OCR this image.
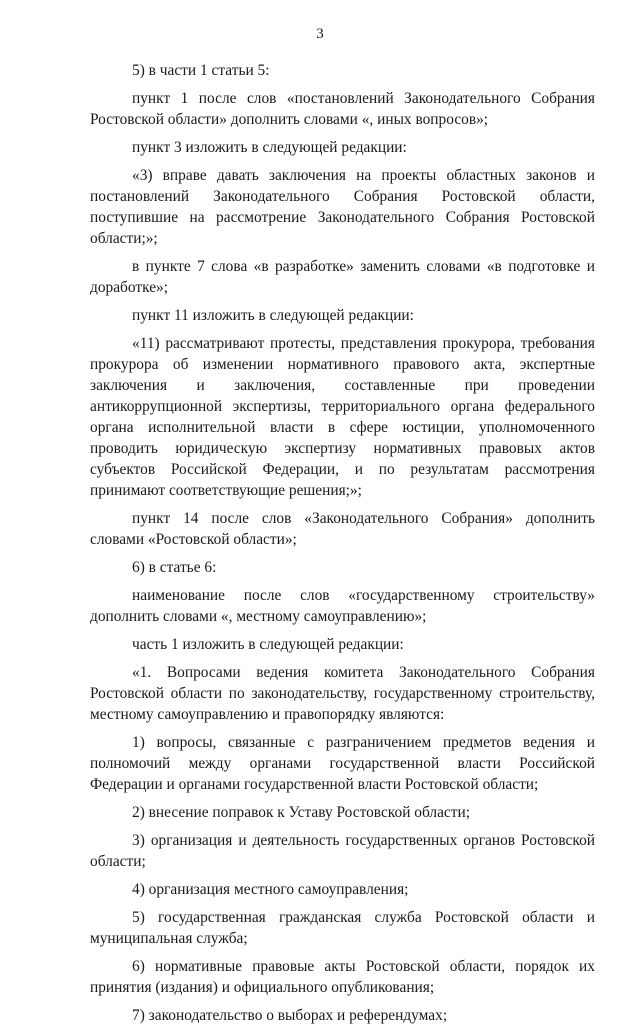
3

5) в части 1 статьи 5:

пункт 1 после слов «постановлений Законодательного Собрания Ростовской области» дополнить словами «, иных вопросов»;

пункт 3 изложить в следующей редакции:

«3) вправе давать заключения на проекты областных законов и постановлений Законодательного Собрания Ростовской области, поступившие на рассмотрение Законодательного Собрания Ростовской области;»;

в пункте 7 слова «в разработке» заменить словами «в подготовке и доработке»;

пункт 11 изложить в следующей редакции:

«11) рассматривают протесты, представления прокурора, требования прокурора об изменении нормативного правового акта, экспертные заключения и заключения, составленные при проведении антикоррупционной экспертизы, территориального органа федерального органа исполнительной власти в сфере юстиции, уполномоченного проводить юридическую экспертизу нормативных правовых актов субъектов Российской Федерации, и по результатам рассмотрения принимают соответствующие решения;»;

пункт 14 после слов «Законодательного Собрания» дополнить словами «Ростовской области»;

6) в статье 6:

наименование после слов «государственному строительству» дополнить словами «, местному самоуправлению»;

часть 1 изложить в следующей редакции:

«1. Вопросами ведения комитета Законодательного Собрания Ростовской области по законодательству, государственному строительству, местному самоуправлению и правопорядку являются:

1) вопросы, связанные с разграничением предметов ведения и полномочий между органами государственной власти Российской Федерации и органами государственной власти Ростовской области;

2) внесение поправок к Уставу Ростовской области;

3) организация и деятельность государственных органов Ростовской области;

4) организация местного самоуправления;

5) государственная гражданская служба Ростовской области и муниципальная служба;

6) нормативные правовые акты Ростовской области, порядок их принятия (издания) и официального опубликования;

7) законодательство о выборах и референдумах;
